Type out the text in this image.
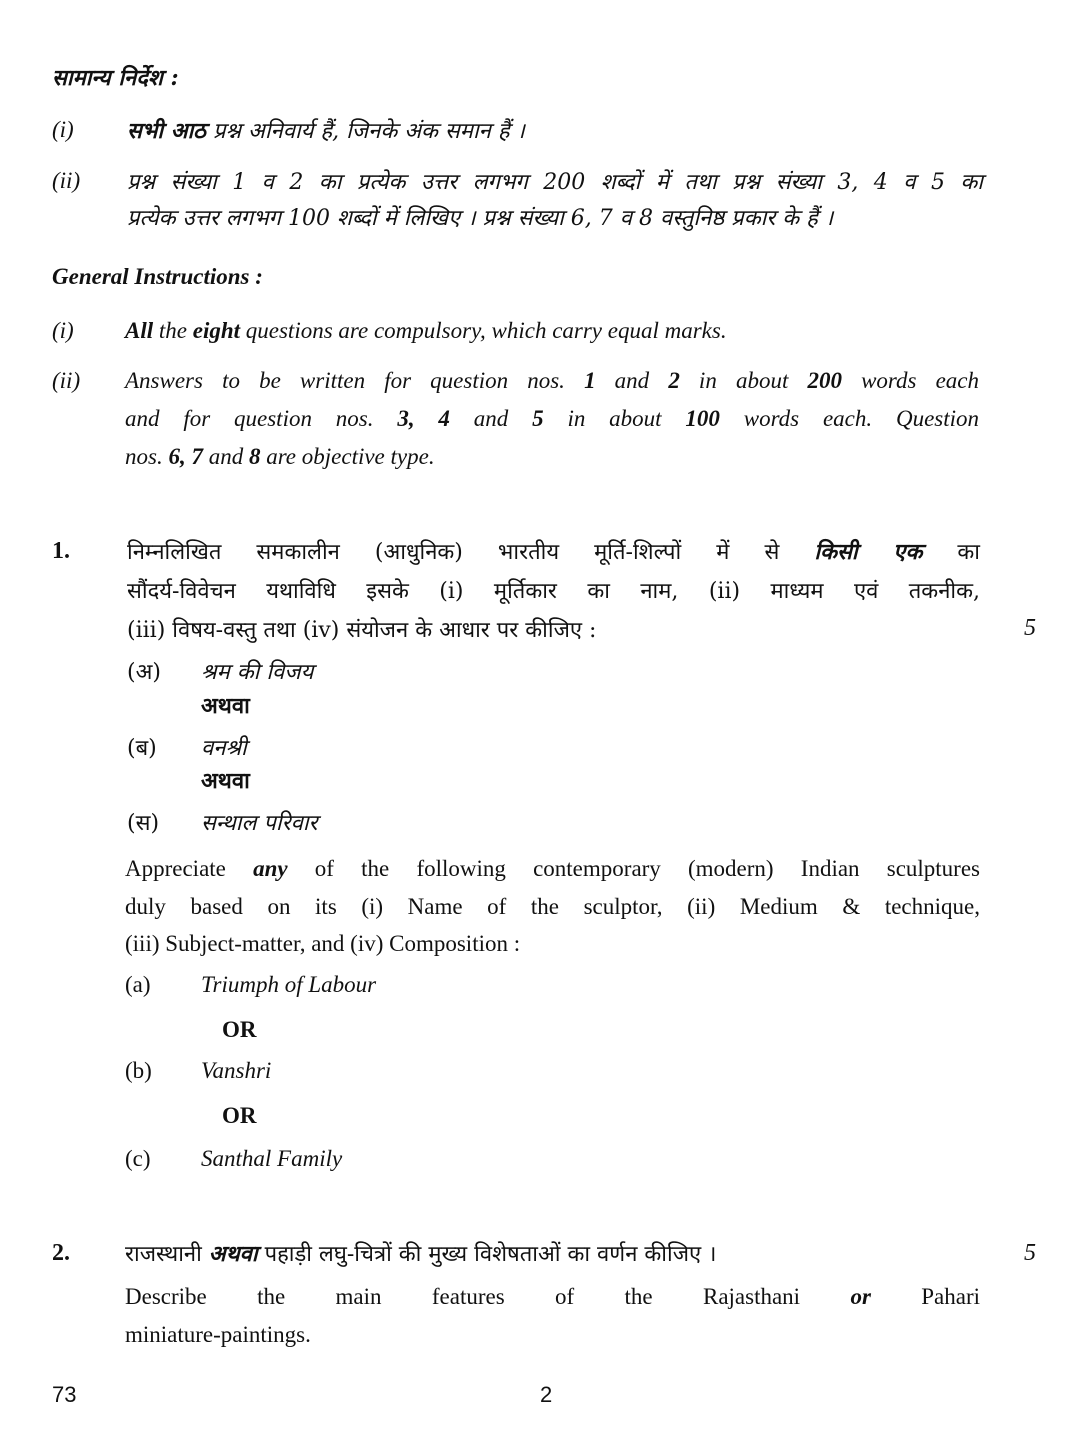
सामान्य निर्देश :
(i) सभी आठ प्रश्न अनिवार्य हैं, जिनके अंक समान हैं ।
(ii) प्रश्न संख्या 1 व 2 का प्रत्येक उत्तर लगभग 200 शब्दों में तथा प्रश्न संख्या 3, 4 व 5 का
प्रत्येक उत्तर लगभग 100 शब्दों में लिखिए । प्रश्न संख्या 6, 7 व 8 वस्तुनिष्ठ प्रकार के हैं ।
General Instructions :
(i) All the eight questions are compulsory, which carry equal marks.
(ii) Answers to be written for question nos. 1 and 2 in about 200 words each
and for question nos. 3, 4 and 5 in about 100 words each. Question
nos. 6, 7 and 8 are objective type.
1.	निम्नलिखित समकालीन (आधुनिक) भारतीय मूर्ति-शिल्पों में से किसी एक का
सौंदर्य-विवेचन यथाविधि इसके (i) मूर्तिकार का नाम, (ii) माध्यम एवं तकनीक,
(iii) विषय-वस्तु तथा (iv) संयोजन के आधार पर कीजिए :	5
(अ) श्रम की विजय
अथवा
(ब) वनश्री
अथवा
(स) सन्थाल परिवार
Appreciate any of the following contemporary (modern) Indian sculptures
duly based on its (i) Name of the sculptor, (ii) Medium & technique,
(iii) Subject-matter, and (iv) Composition :
(a) Triumph of Labour
OR
(b) Vanshri
OR
(c) Santhal Family
2.	राजस्थानी अथवा पहाड़ी लघु-चित्रों की मुख्य विशेषताओं का वर्णन कीजिए ।	5
Describe the main features of the Rajasthani or Pahari
miniature-paintings.
73	2
